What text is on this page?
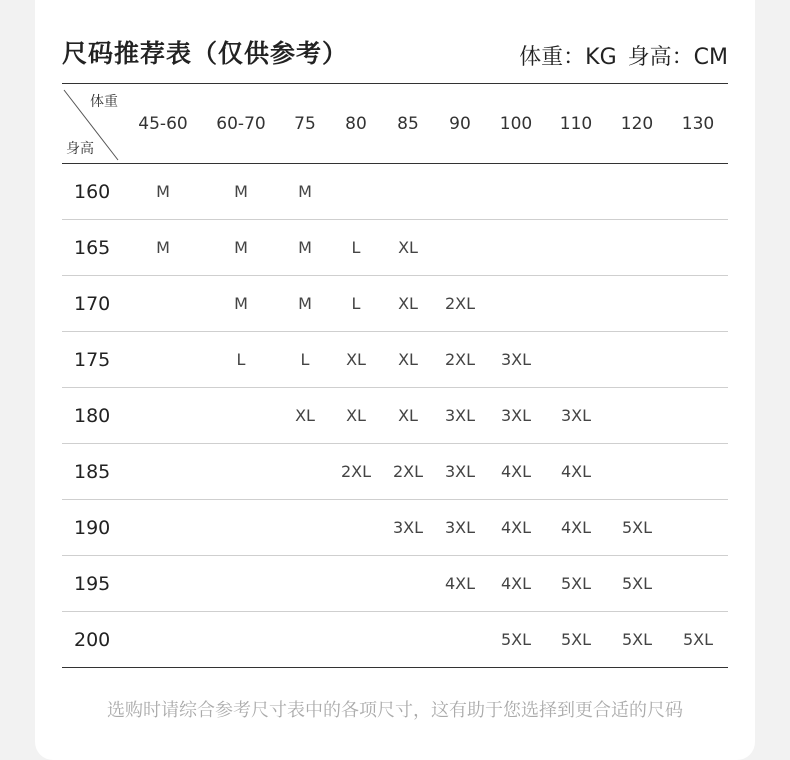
尺码推荐表（仅供参考）	体重：KG 身高：CM
体重
身高	45-60	60-70	75	80	85	90	100	110	120	130
160	M	M	M							
165	M	M	M	L	XL					
170		M	M	L	XL	2XL				
175		L	L	XL	XL	2XL	3XL			
180			XL	XL	XL	3XL	3XL	3XL		
185				2XL	2XL	3XL	4XL	4XL		
190					3XL	3XL	4XL	4XL	5XL	
195						4XL	4XL	5XL	5XL	
200							5XL	5XL	5XL	5XL
选购时请综合参考尺寸表中的各项尺寸，这有助于您选择到更合适的尺码
